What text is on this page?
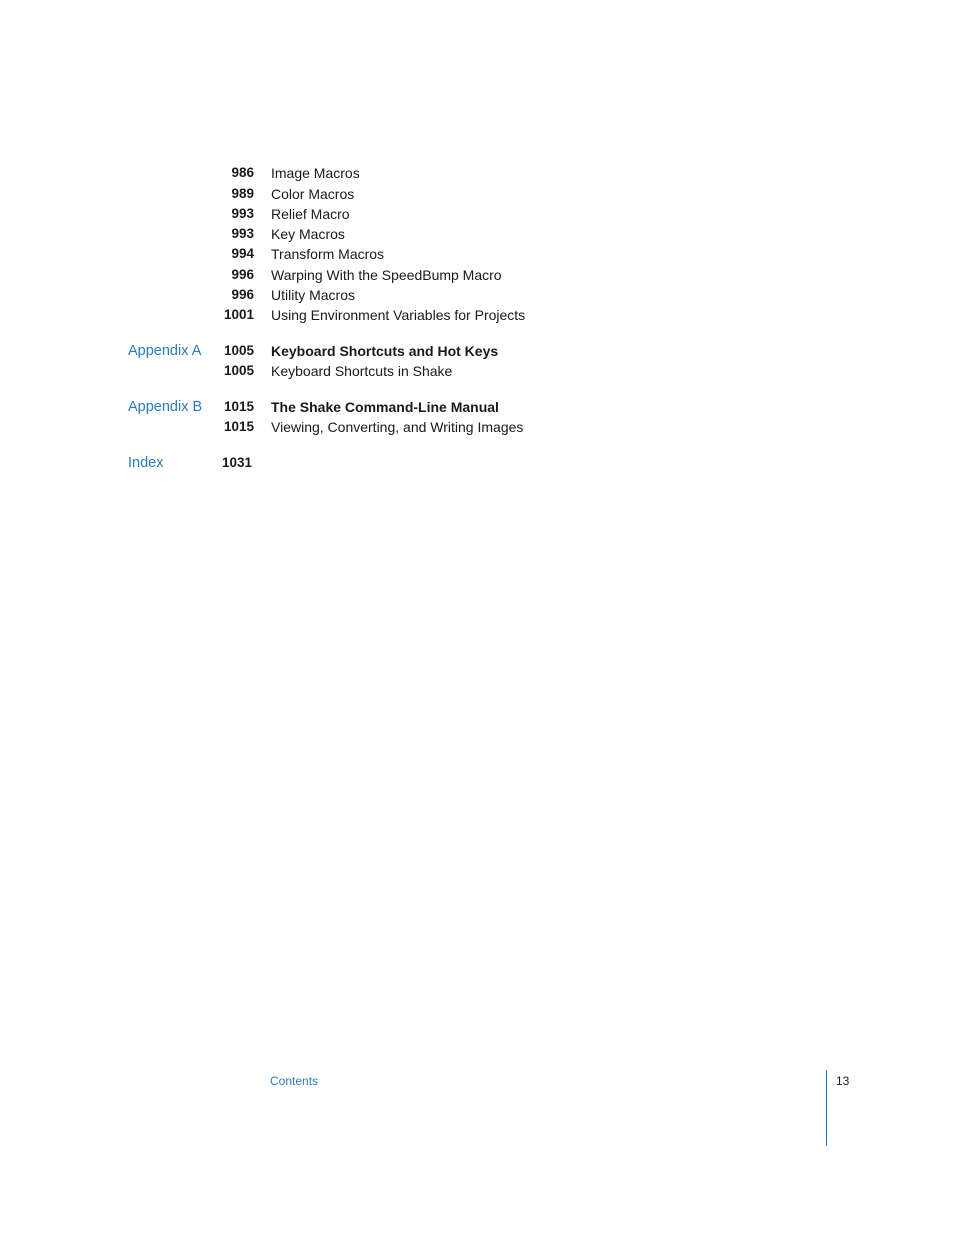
986 Image Macros
989 Color Macros
993 Relief Macro
993 Key Macros
994 Transform Macros
996 Warping With the SpeedBump Macro
996 Utility Macros
1001 Using Environment Variables for Projects
Appendix A 1005 Keyboard Shortcuts and Hot Keys
1005 Keyboard Shortcuts in Shake
Appendix B 1015 The Shake Command-Line Manual
1015 Viewing, Converting, and Writing Images
Index	1031
Contents	13
